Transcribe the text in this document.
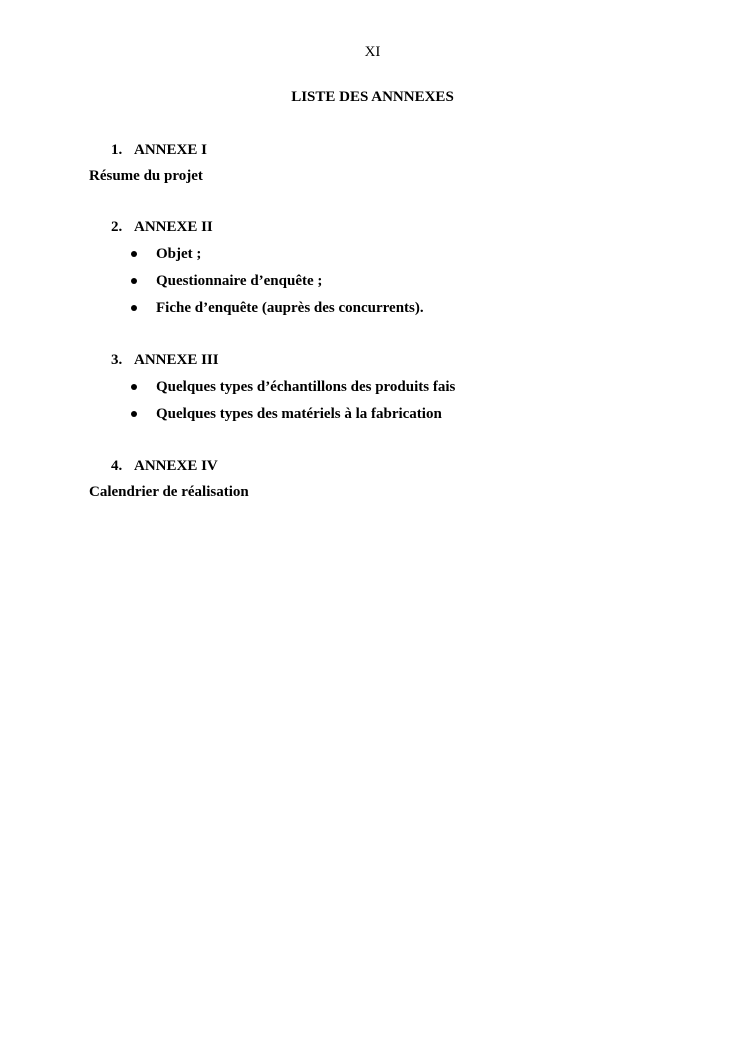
XI
LISTE DES ANNNEXES
1. ANNEXE I
Résume du projet
2. ANNEXE II
Objet ;
Questionnaire d’enquête ;
Fiche d’enquête (auprès des concurrents).
3. ANNEXE III
Quelques types d’échantillons des produits fais
Quelques types des matériels à la fabrication
4. ANNEXE IV
Calendrier de réalisation
